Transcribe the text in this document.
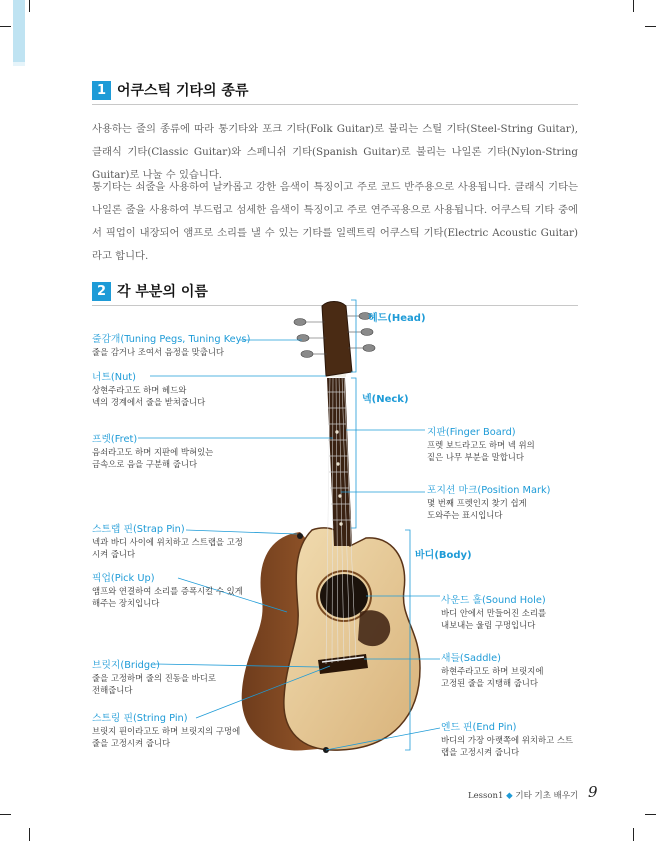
1 어쿠스틱 기타의 종류

사용하는 줄의 종류에 따라 통기타와 포크 기타(Folk Guitar)로 불리는 스틸 기타(Steel-String Guitar), 클래식 기타(Classic Guitar)와 스페니쉬 기타(Spanish Guitar)로 불리는 나일론 기타(Nylon-String Guitar)로 나눌 수 있습니다.

통기타는 쇠줄을 사용하여 날카롭고 강한 음색이 특징이고 주로 코드 반주용으로 사용됩니다. 클래식 기타는 나일론 줄을 사용하여 부드럽고 섬세한 음색이 특징이고 주로 연주곡용으로 사용됩니다. 어쿠스틱 기타 중에서 픽업이 내장되어 앰프로 소리를 낼 수 있는 기타를 일렉트릭 어쿠스틱 기타(Electric Acoustic Guitar)라고 합니다.

2 각 부분의 이름
헤드(Head)
넥(Neck)
바디(Body)
줄감개(Tuning Pegs, Tuning Keys)
줄을 감거나 조여서 음정을 맞춥니다
너트(Nut)
상현주라고도 하며 헤드와
넥의 경계에서 줄을 받쳐줍니다
프렛(Fret)
음쇠라고도 하며 지판에 박혀있는
금속으로 음을 구분해 줍니다
스트랩 핀(Strap Pin)
넥과 바디 사이에 위치하고 스트랩을 고정
시켜 줍니다
픽업(Pick Up)
앰프와 연결하여 소리를 증폭시킬 수 있게
해주는 장치입니다
브릿지(Bridge)
줄을 고정하며 줄의 진동을 바디로
전해줍니다
스트링 핀(String Pin)
브릿지 핀이라고도 하며 브릿지의 구멍에
줄을 고정시켜 줍니다
지판(Finger Board)
프렛 보드라고도 하며 넥 위의
짙은 나무 부분을 말합니다
포지션 마크(Position Mark)
몇 번째 프렛인지 찾기 쉽게
도와주는 표시입니다
사운드 홀(Sound Hole)
바디 안에서 만들어진 소리를
내보내는 울림 구멍입니다
새들(Saddle)
하현주라고도 하며 브릿지에
고정된 줄을 지탱해 줍니다
엔드 핀(End Pin)
바디의 가장 아랫쪽에 위치하고 스트
랩을 고정시켜 줍니다
Lesson1 ◆ 기타 기초 배우기 9
